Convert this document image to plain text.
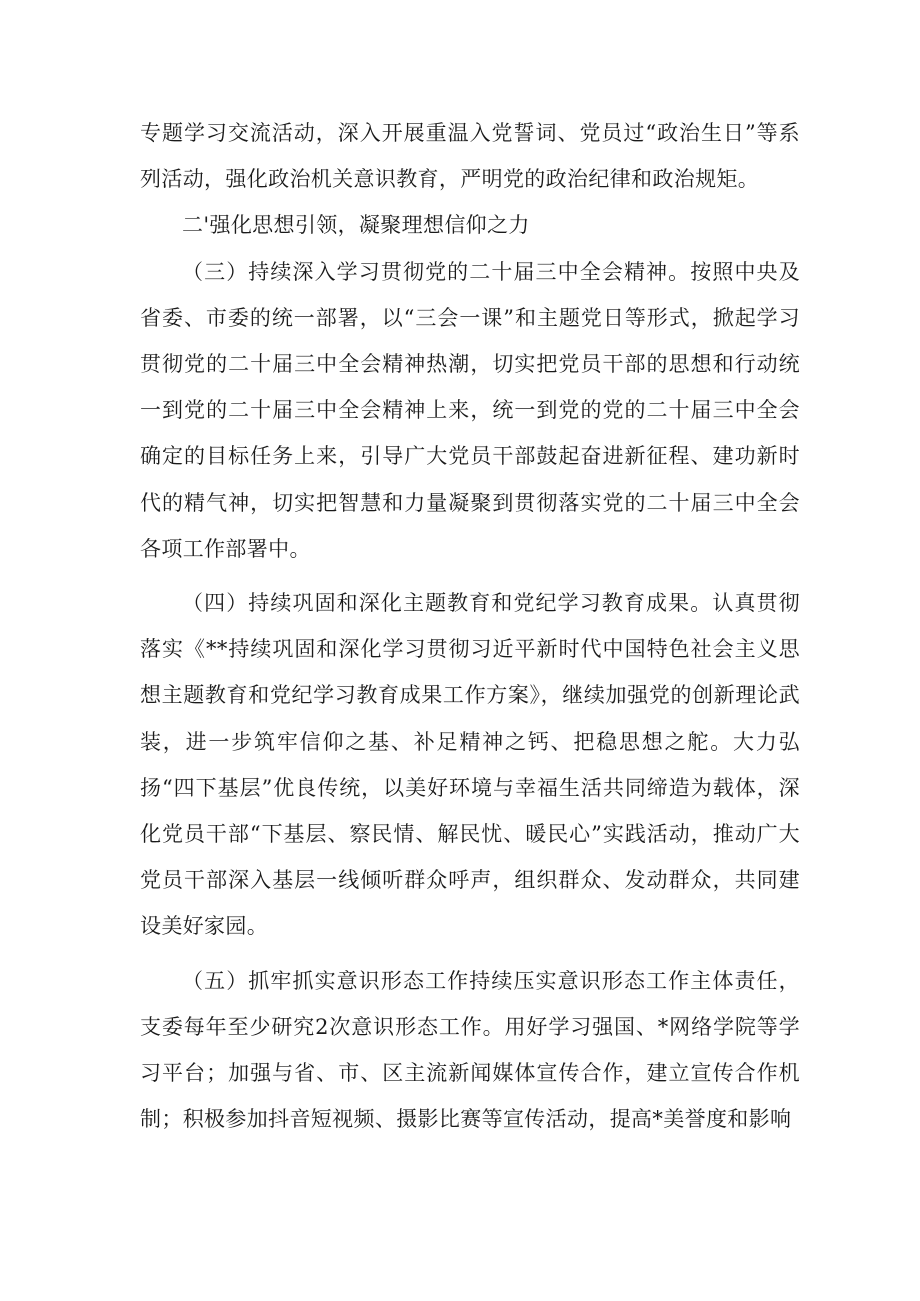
专题学习交流活动，深入开展重温入党誓词、党员过“政治生日”等系列活动，强化政治机关意识教育，严明党的政治纪律和政治规矩。

二'强化思想引领，凝聚理想信仰之力

（三）持续深入学习贯彻党的二十届三中全会精神。按照中央及省委、市委的统一部署，以“三会一课”和主题党日等形式，掀起学习贯彻党的二十届三中全会精神热潮，切实把党员干部的思想和行动统一到党的二十届三中全会精神上来，统一到党的党的二十届三中全会确定的目标任务上来，引导广大党员干部鼓起奋进新征程、建功新时代的精气神，切实把智慧和力量凝聚到贯彻落实党的二十届三中全会各项工作部署中。

（四）持续巩固和深化主题教育和党纪学习教育成果。认真贯彻落实《**持续巩固和深化学习贯彻习近平新时代中国特色社会主义思想主题教育和党纪学习教育成果工作方案》，继续加强党的创新理论武装，进一步筑牢信仰之基、补足精神之钙、把稳思想之舵。大力弘扬“四下基层”优良传统，以美好环境与幸福生活共同缔造为载体，深化党员干部“下基层、察民情、解民忧、暖民心”实践活动，推动广大党员干部深入基层一线倾听群众呼声，组织群众、发动群众，共同建设美好家园。

（五）抓牢抓实意识形态工作持续压实意识形态工作主体责任，支委每年至少研究2次意识形态工作。用好学习强国、*网络学院等学习平台；加强与省、市、区主流新闻媒体宣传合作，建立宣传合作机制；积极参加抖音短视频、摄影比赛等宣传活动，提高*美誉度和影响
